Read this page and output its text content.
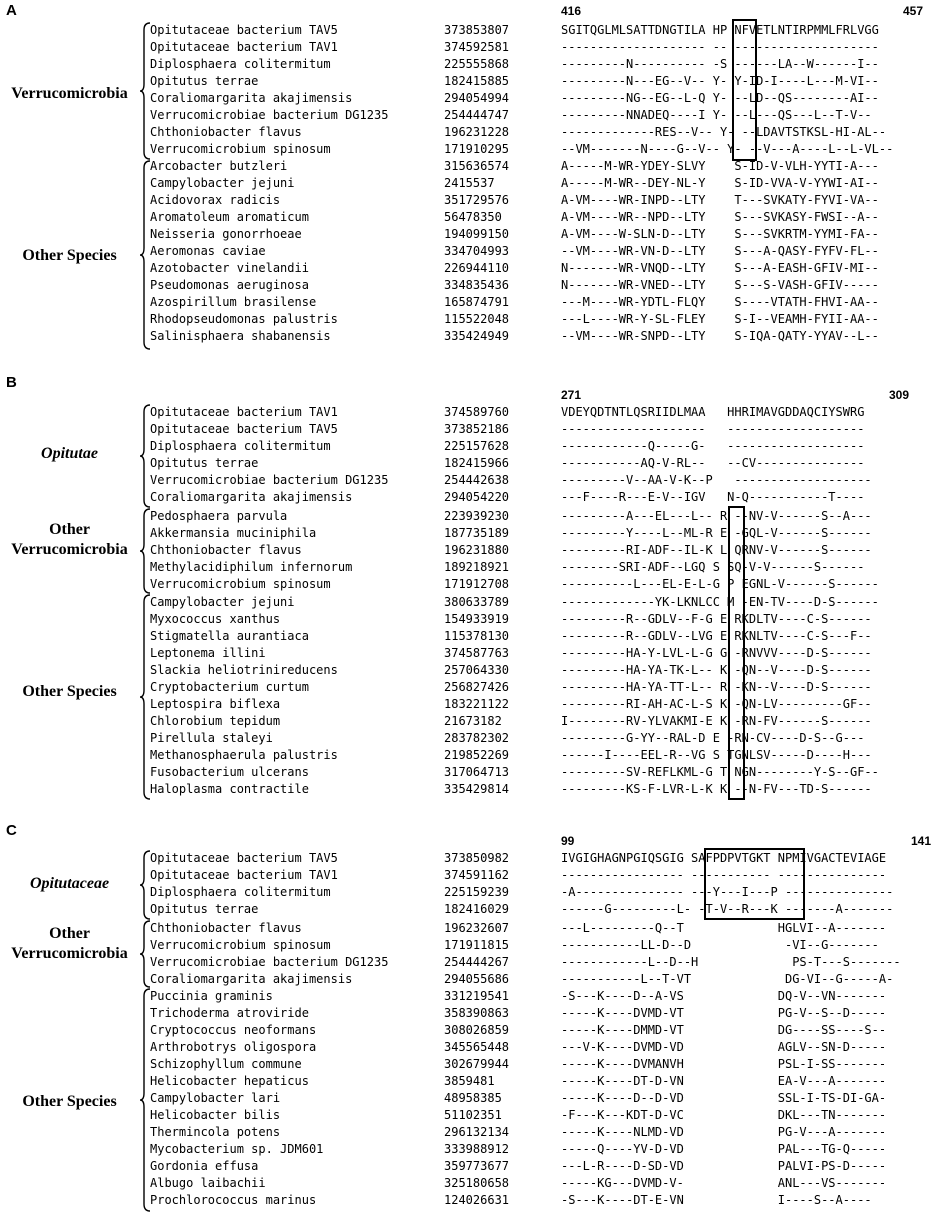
A	416	457
Verrucomicrobia
Other Species
Opitutaceae bacterium TAV5	373853807	SGITQGLMLSATTDNGTILA HP NFVETLNTIRPMMLFRLVGG
Opitutaceae bacterium TAV1	374592581	-------------------- -- --------------------
Diplosphaera colitermitum	225555868	---------N---------- -S ------LA--W------I--
Opitutus terrae	182415885	---------N---EG--V-- Y- Y-ID-I----L---M-VI--
Coraliomargarita akajimensis	294054994	---------NG--EG--L-Q Y- --LD--QS--------AI--
Verrucomicrobiae bacterium DG1235	254444747	---------NNADEQ----I Y- --L---QS---L--T-V--
Chthoniobacter flavus	196231228	-------------RES--V-- Y- --LDAVTSTKSL-HI-AL--
Verrucomicrobium spinosum	171910295	--VM-------N----G--V-- Y- --V---A----L--L-VL--
Arcobacter butzleri	315636574	A-----M-WR-YDEY-SLVY    S-ID-V-VLH-YYTI-A---
Campylobacter jejuni	2415537	A-----M-WR--DEY-NL-Y    S-ID-VVA-V-YYWI-AI--
Acidovorax radicis	351729576	A-VM----WR-INPD--LTY    T---SVKATY-FYVI-VA--
Aromatoleum aromaticum	56478350	A-VM----WR--NPD--LTY    S---SVKASY-FWSI--A--
Neisseria gonorrhoeae	194099150	A-VM----W-SLN-D--LTY    S---SVKRTM-YYMI-FA--
Aeromonas caviae	334704993	--VM----WR-VN-D--LTY    S---A-QASY-FYFV-FL--
Azotobacter vinelandii	226944110	N-------WR-VNQD--LTY    S---A-EASH-GFIV-MI--
Pseudomonas aeruginosa	334835436	N-------WR-VNED--LTY    S---S-VASH-GFIV-----
Azospirillum brasilense	165874791	---M----WR-YDTL-FLQY    S----VTATH-FHVI-AA--
Rhodopseudomonas palustris	115522048	---L----WR-Y-SL-FLEY    S-I--VEAMH-FYII-AA--
Salinisphaera shabanensis	335424949	--VM----WR-SNPD--LTY    S-IQA-QATY-YYAV--L--
B
271	309
Opitutae
Other
Verrucomicrobia
Other Species
Opitutaceae bacterium TAV1	374589760	VDEYQDTNTLQSRIIDLMAA   HHRIMAVGDDAQCIYSWRG
Opitutaceae bacterium TAV5	373852186	--------------------   -------------------
Diplosphaera colitermitum	225157628	------------Q-----G-   -------------------
Opitutus terrae	182415966	-----------AQ-V-RL--   --CV---------------
Verrucomicrobiae bacterium DG1235	254442638	---------V--AA-V-K--P   -------------------
Coraliomargarita akajimensis	294054220	---F----R---E-V--IGV   N-Q-----------T----
Pedosphaera parvula	223939230	---------A---EL---L-- R --NV-V------S--A---
Akkermansia muciniphila	187735189	---------Y----L--ML-R E -GQL-V------S------
Chthoniobacter flavus	196231880	---------RI-ADF--IL-K L QRNV-V------S------
Methylacidiphilum infernorum	189218921	--------SRI-ADF--LGQ S SQ-V-V------S------
Verrucomicrobium spinosum	171912708	----------L---EL-E-L-G P EGNL-V------S------
Campylobacter jejuni	380633789	-------------YK-LKNLCC M -EN-TV----D-S------
Myxococcus xanthus	154933919	---------R--GDLV--F-G E RKDLTV----C-S------
Stigmatella aurantiaca	115378130	---------R--GDLV--LVG E RKNLTV----C-S---F--
Leptonema illini	374587763	---------HA-Y-LVL-L-G G -RNVVV----D-S------
Slackia heliotrinireducens	257064330	---------HA-YA-TK-L-- K -QN--V----D-S------
Cryptobacterium curtum	256827426	---------HA-YA-TT-L-- R -KN--V----D-S------
Leptospira biflexa	183221122	---------RI-AH-AC-L-S K -QN-LV---------GF--
Chlorobium tepidum	21673182	I--------RV-YLVAKMI-E K -RN-FV------S------
Pirellula staleyi	283782302	---------G-YY--RAL-D E -RN-CV----D-S--G---
Methanosphaerula palustris	219852269	------I----EEL-R--VG S TGNLSV-----D----H---
Fusobacterium ulcerans	317064713	---------SV-REFLKML-G T NGN--------Y-S--GF--
Haloplasma contractile	335429814	---------KS-F-LVR-L-K K --N-FV---TD-S------
C
99	141
Opitutaceae
Other
Verrucomicrobia
Other Species
Opitutaceae bacterium TAV5	373850982	IVGIGHAGNPGIQSGIG SAFPDPVTGKT NPMIVGACTEVIAGE
Opitutaceae bacterium TAV1	374591162	----------------- ----------- ---------------
Diplosphaera colitermitum	225159239	-A--------------- ---Y---I---P ---------------
Opitutus terrae	182416029	------G---------L- -T-V--R---K -------A-------
Chthoniobacter flavus	196232607	---L---------Q--T             HGLVI--A-------
Verrucomicrobium spinosum	171911815	-----------LL-D--D             -VI--G-------
Verrucomicrobiae bacterium DG1235	254444267	------------L--D--H             PS-T---S-------
Coraliomargarita akajimensis	294055686	-----------L--T-VT             DG-VI--G-----A-
Puccinia graminis	331219541	-S---K----D--A-VS             DQ-V--VN-------
Trichoderma atroviride	358390863	-----K----DVMD-VT             PG-V--S--D-----
Cryptococcus neoformans	308026859	-----K----DMMD-VT             DG----SS----S--
Arthrobotrys oligospora	345565448	---V-K----DVMD-VD             AGLV--SN-D-----
Schizophyllum commune	302679944	-----K----DVMANVH             PSL-I-SS-------
Helicobacter hepaticus	3859481	-----K----DT-D-VN             EA-V---A-------
Campylobacter lari	48958385	-----K----D--D-VD             SSL-I-TS-DI-GA-
Helicobacter bilis	51102351	-F---K---KDT-D-VC             DKL---TN-------
Thermincola potens	296132134	-----K----NLMD-VD             PG-V---A-------
Mycobacterium sp. JDM601	333988912	-----Q----YV-D-VD             PAL---TG-Q-----
Gordonia effusa	359773677	---L-R----D-SD-VD             PALVI-PS-D-----
Albugo laibachii	325180658	-----KG---DVMD-V-             ANL---VS-------
Prochlorococcus marinus	124026631	-S---K----DT-E-VN             I----S--A----
